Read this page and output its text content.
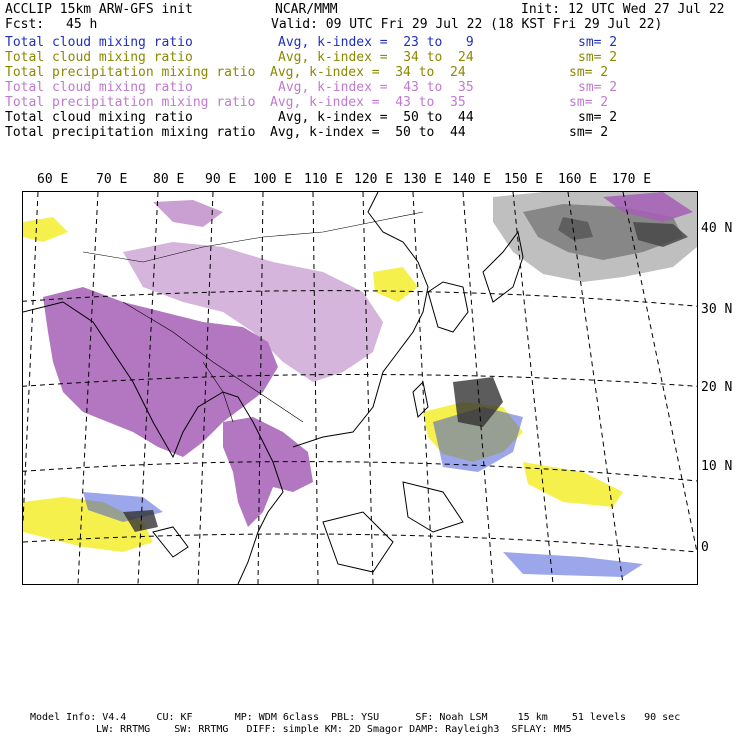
ACCLIP 15km ARW-GFS init	NCAR/MMM	Init: 12 UTC Wed 27 Jul 22
Fcst: 45 h	Valid: 09 UTC Fri 29 Jul 22 (18 KST Fri 29 Jul 22)
Total cloud mixing ratio	Avg, k-index =  23 to   9	sm= 2
Total cloud mixing ratio	Avg, k-index =  34 to  24	sm= 2
Total precipitation mixing ratio Avg, k-index =  34 to  24	sm= 2
Total cloud mixing ratio	Avg, k-index =  43 to  35	sm= 2
Total precipitation mixing ratio Avg, k-index =  43 to  35	sm= 2
Total cloud mixing ratio	Avg, k-index =  50 to  44	sm= 2
Total precipitation mixing ratio Avg, k-index =  50 to  44	sm= 2
60 E 70 E 80 E 90 E 100 E 110 E 120 E 130 E 140 E 150 E 160 E 170 E
40 N
30 N
20 N
10 N
0
Model Info: V4.4     CU: KF       MP: WDM 6class  PBL: YSU      SF: Noah LSM     15 km    51 levels   90 sec
LW: RRTMG    SW: RRTMG   DIFF: simple KM: 2D Smagor DAMP: Rayleigh3  SFLAY: MM5
